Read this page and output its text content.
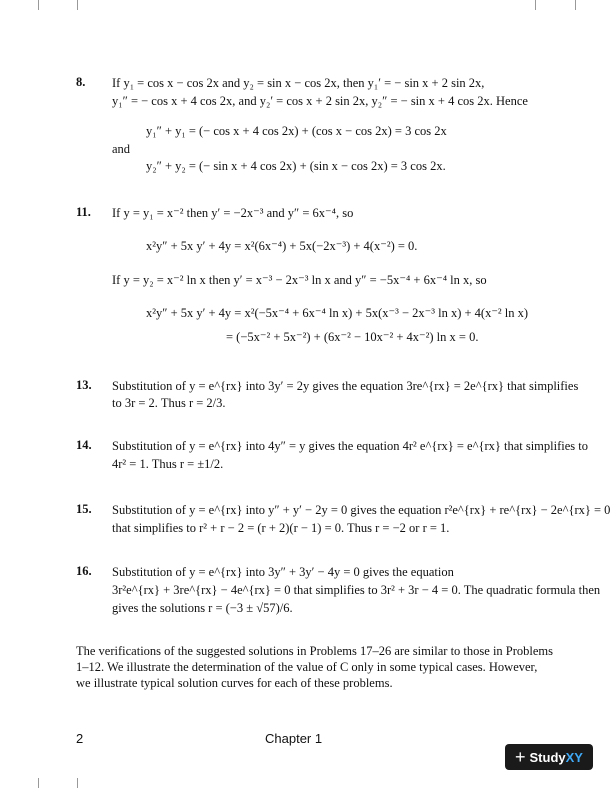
8. If y₁ = cos x − cos 2x and y₂ = sin x − cos 2x, then y₁′ = − sin x + 2 sin 2x,
y₁″ = − cos x + 4 cos 2x, and y₂′ = cos x + 2 sin 2x, y₂″ = − sin x + 4 cos 2x. Hence
y₁″ + y₁ = (− cos x + 4 cos 2x) + (cos x − cos 2x) = 3 cos 2x
and
y₂″ + y₂ = (− sin x + 4 cos 2x) + (sin x − cos 2x) = 3 cos 2x.
11. If y = y₁ = x⁻² then y′ = −2x⁻³ and y″ = 6x⁻⁴, so
x²y″ + 5x y′ + 4y = x²(6x⁻⁴) + 5x(−2x⁻³) + 4(x⁻²) = 0.
If y = y₂ = x⁻² ln x then y′ = x⁻³ − 2x⁻³ ln x and y″ = −5x⁻⁴ + 6x⁻⁴ ln x, so
x²y″ + 5x y′ + 4y = x²(−5x⁻⁴ + 6x⁻⁴ ln x) + 5x(x⁻³ − 2x⁻³ ln x) + 4(x⁻² ln x)
= (−5x⁻² + 5x⁻²) + (6x⁻² − 10x⁻² + 4x⁻²) ln x = 0.
13. Substitution of y = e^{rx} into 3y′ = 2y gives the equation 3re^{rx} = 2e^{rx} that simplifies
to 3r = 2. Thus r = 2/3.
14. Substitution of y = e^{rx} into 4y″ = y gives the equation 4r² e^{rx} = e^{rx} that simplifies to
4r² = 1. Thus r = ±1/2.
15. Substitution of y = e^{rx} into y″ + y′ − 2y = 0 gives the equation r²e^{rx} + re^{rx} − 2e^{rx} = 0
that simplifies to r² + r − 2 = (r + 2)(r − 1) = 0. Thus r = −2 or r = 1.
16. Substitution of y = e^{rx} into 3y″ + 3y′ − 4y = 0 gives the equation
3r²e^{rx} + 3re^{rx} − 4e^{rx} = 0 that simplifies to 3r² + 3r − 4 = 0. The quadratic formula then
gives the solutions r = (−3 ± √57)/6.
The verifications of the suggested solutions in Problems 17–26 are similar to those in Problems
1–12. We illustrate the determination of the value of C only in some typical cases. However,
we illustrate typical solution curves for each of these problems.
2	Chapter 1
+ StudyXY
